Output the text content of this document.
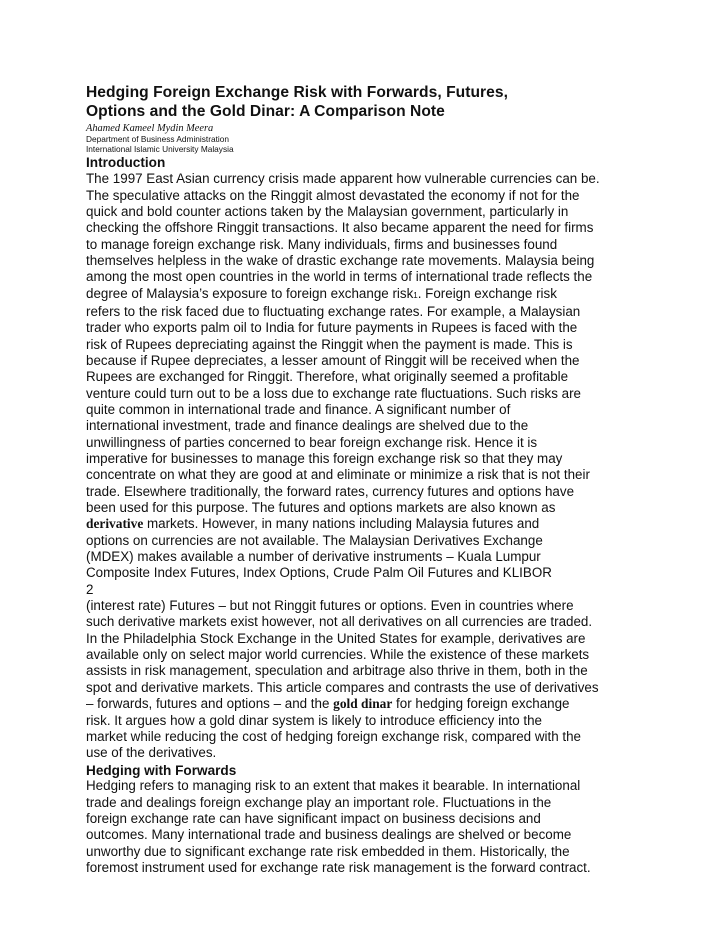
Hedging Foreign Exchange Risk with Forwards, Futures,
Options and the Gold Dinar: A Comparison Note
Ahamed Kameel Mydin Meera
Department of Business Administration
International Islamic University Malaysia
Introduction
The 1997 East Asian currency crisis made apparent how vulnerable currencies can be.
The speculative attacks on the Ringgit almost devastated the economy if not for the
quick and bold counter actions taken by the Malaysian government, particularly in
checking the offshore Ringgit transactions. It also became apparent the need for firms
to manage foreign exchange risk. Many individuals, firms and businesses found
themselves helpless in the wake of drastic exchange rate movements. Malaysia being
among the most open countries in the world in terms of international trade reflects the
degree of Malaysia’s exposure to foreign exchange risk1. Foreign exchange risk
refers to the risk faced due to fluctuating exchange rates. For example, a Malaysian
trader who exports palm oil to India for future payments in Rupees is faced with the
risk of Rupees depreciating against the Ringgit when the payment is made. This is
because if Rupee depreciates, a lesser amount of Ringgit will be received when the
Rupees are exchanged for Ringgit. Therefore, what originally seemed a profitable
venture could turn out to be a loss due to exchange rate fluctuations. Such risks are
quite common in international trade and finance. A significant number of
international investment, trade and finance dealings are shelved due to the
unwillingness of parties concerned to bear foreign exchange risk. Hence it is
imperative for businesses to manage this foreign exchange risk so that they may
concentrate on what they are good at and eliminate or minimize a risk that is not their
trade. Elsewhere traditionally, the forward rates, currency futures and options have
been used for this purpose. The futures and options markets are also known as
derivative markets. However, in many nations including Malaysia futures and
options on currencies are not available. The Malaysian Derivatives Exchange
(MDEX) makes available a number of derivative instruments – Kuala Lumpur
Composite Index Futures, Index Options, Crude Palm Oil Futures and KLIBOR
2
(interest rate) Futures – but not Ringgit futures or options. Even in countries where
such derivative markets exist however, not all derivatives on all currencies are traded.
In the Philadelphia Stock Exchange in the United States for example, derivatives are
available only on select major world currencies. While the existence of these markets
assists in risk management, speculation and arbitrage also thrive in them, both in the
spot and derivative markets. This article compares and contrasts the use of derivatives
– forwards, futures and options – and the gold dinar for hedging foreign exchange
risk. It argues how a gold dinar system is likely to introduce efficiency into the
market while reducing the cost of hedging foreign exchange risk, compared with the
use of the derivatives.
Hedging with Forwards
Hedging refers to managing risk to an extent that makes it bearable. In international
trade and dealings foreign exchange play an important role. Fluctuations in the
foreign exchange rate can have significant impact on business decisions and
outcomes. Many international trade and business dealings are shelved or become
unworthy due to significant exchange rate risk embedded in them. Historically, the
foremost instrument used for exchange rate risk management is the forward contract.
